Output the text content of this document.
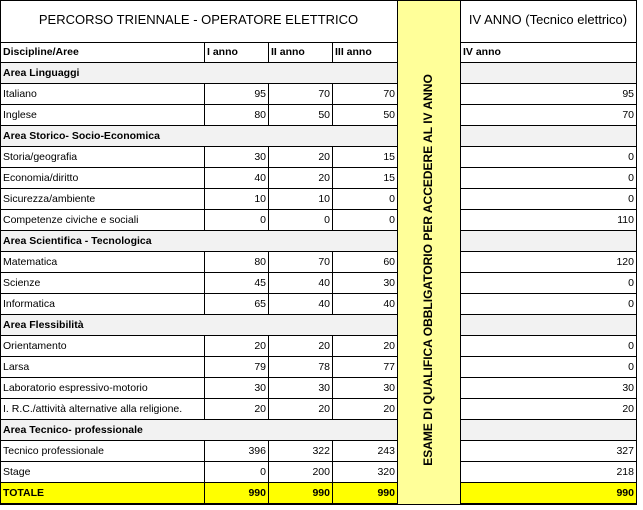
ESAME DI QUALIFICA OBBLIGATORIO PER ACCEDERE AL IV ANNO
PERCORSO TRIENNALE - OPERATORE ELETTRICO	IV ANNO (Tecnico elettrico)
Discipline/Aree	I anno	II anno	III anno	IV anno
Area Linguaggi
Italiano	95	70	70	95
Inglese	80	50	50	70
Area Storico- Socio-Economica
Storia/geografia	30	20	15	0
Economia/diritto	40	20	15	0
Sicurezza/ambiente	10	10	0	0
Competenze civiche e sociali	0	0	0	110
Area Scientifica - Tecnologica
Matematica	80	70	60	120
Scienze	45	40	30	0
Informatica	65	40	40	0
Area Flessibilità
Orientamento	20	20	20	0
Larsa	79	78	77	0
Laboratorio espressivo-motorio	30	30	30	30
I. R.C./attività alternative alla religione.	20	20	20	20
Area Tecnico- professionale
Tecnico professionale	396	322	243	327
Stage	0	200	320	218
TOTALE	990	990	990	990
